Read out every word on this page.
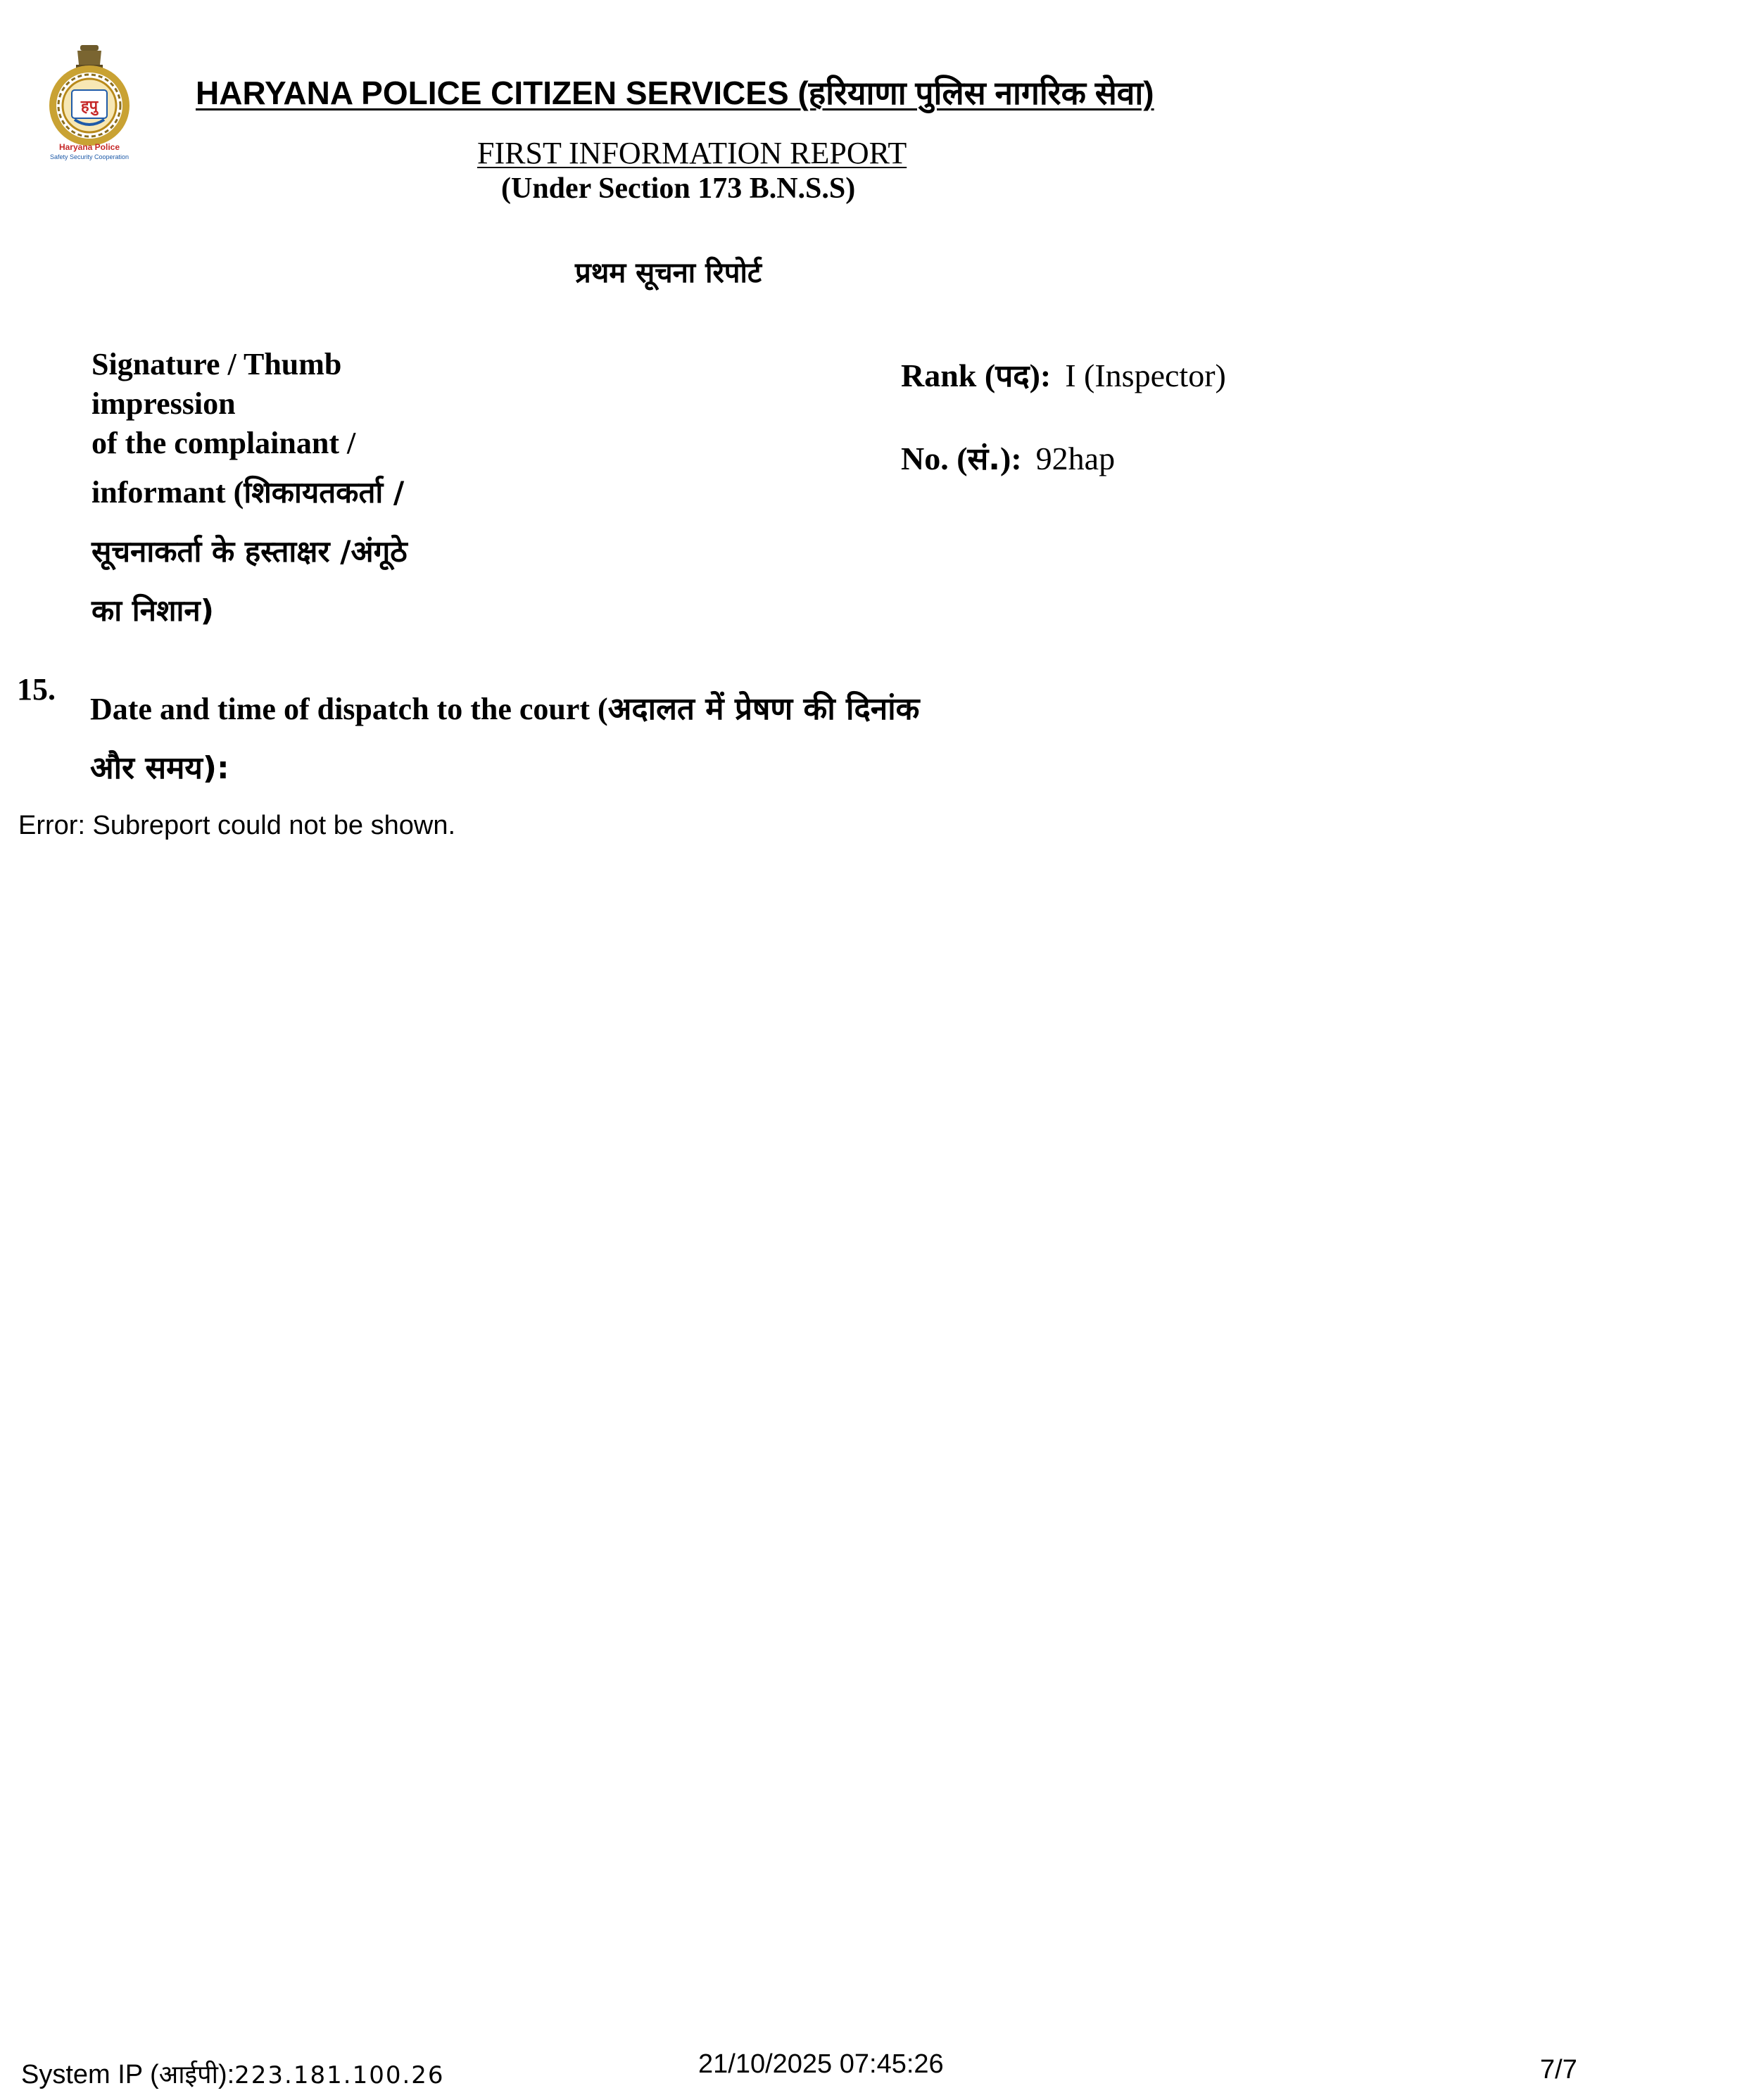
हपु
Haryana Police
Safety Security Cooperation
HARYANA POLICE CITIZEN SERVICES (हरियाणा पुलिस नागरिक सेवा)
FIRST INFORMATION REPORT
(Under Section 173 B.N.S.S)
प्रथम सूचना रिपोर्ट
Signature / Thumb
impression
of the complainant /
informant (शिकायतकर्ता /
सूचनाकर्ता के हस्ताक्षर /अंगूठे
का निशान)
Rank (पद): I (Inspector)
No. (सं.): 92hap
15.
Date and time of dispatch to the court (अदालत में प्रेषण की दिनांक
और समय):
Error: Subreport could not be shown.
System IP (आईपी):223.181.100.26	21/10/2025 07:45:26	7/7
